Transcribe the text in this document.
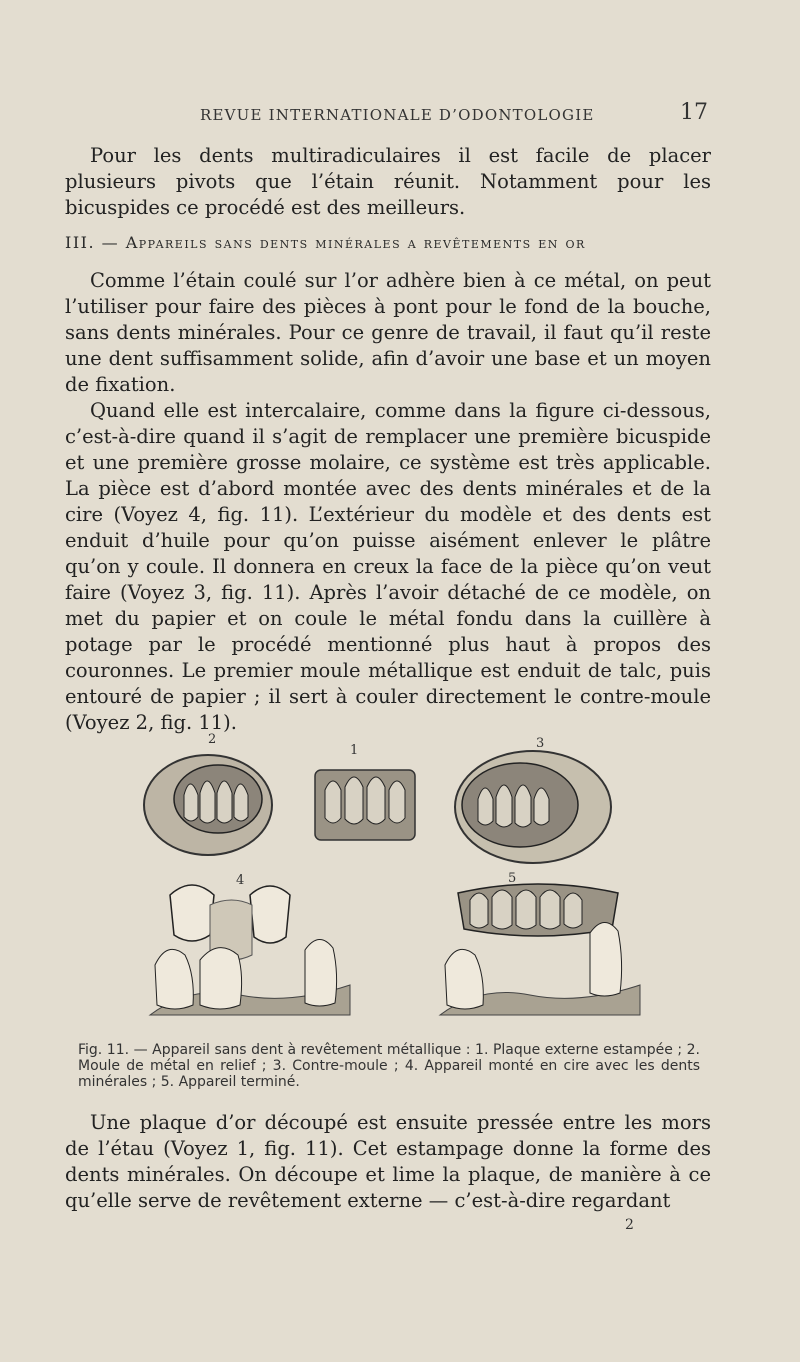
REVUE INTERNATIONALE D’ODONTOLOGIE	17

Pour les dents multiradiculaires il est facile de placer plusieurs pivots que l’étain réunit. Notamment pour les bicuspides ce procédé est des meilleurs.

III. — Appareils sans dents minérales a revêtements en or

Comme l’étain coulé sur l’or adhère bien à ce métal, on peut l’utiliser pour faire des pièces à pont pour le fond de la bouche, sans dents minérales. Pour ce genre de travail, il faut qu’il reste une dent suffisamment solide, afin d’avoir une base et un moyen de fixation.

Quand elle est intercalaire, comme dans la figure ci-dessous, c’est-à-dire quand il s’agit de remplacer une première bicuspide et une première grosse molaire, ce système est très applicable. La pièce est d’abord montée avec des dents minérales et de la cire (Voyez 4, fig. 11). L’extérieur du modèle et des dents est enduit d’huile pour qu’on puisse aisément enlever le plâtre qu’on y coule. Il donnera en creux la face de la pièce qu’on veut faire (Voyez 3, fig. 11). Après l’avoir détaché de ce modèle, on met du papier et on coule le métal fondu dans la cuillère à potage par le procédé mentionné plus haut à propos des couronnes. Le premier moule métallique est enduit de talc, puis entouré de papier ; il sert à couler directement le contre-moule (Voyez 2, fig. 11).

2
1	3
4	5
Fig. 11. — Appareil sans dent à revêtement métallique : 1. Plaque externe estampée ; 2. Moule de métal en relief ; 3. Contre-moule ; 4. Appareil monté en cire avec les dents minérales ; 5. Appareil terminé.

Une plaque d’or découpé est ensuite pressée entre les mors de l’étau (Voyez 1, fig. 11). Cet estampage donne la forme des dents minérales. On découpe et lime la plaque, de manière à ce qu’elle serve de revêtement externe — c’est-à-dire regardant

2
